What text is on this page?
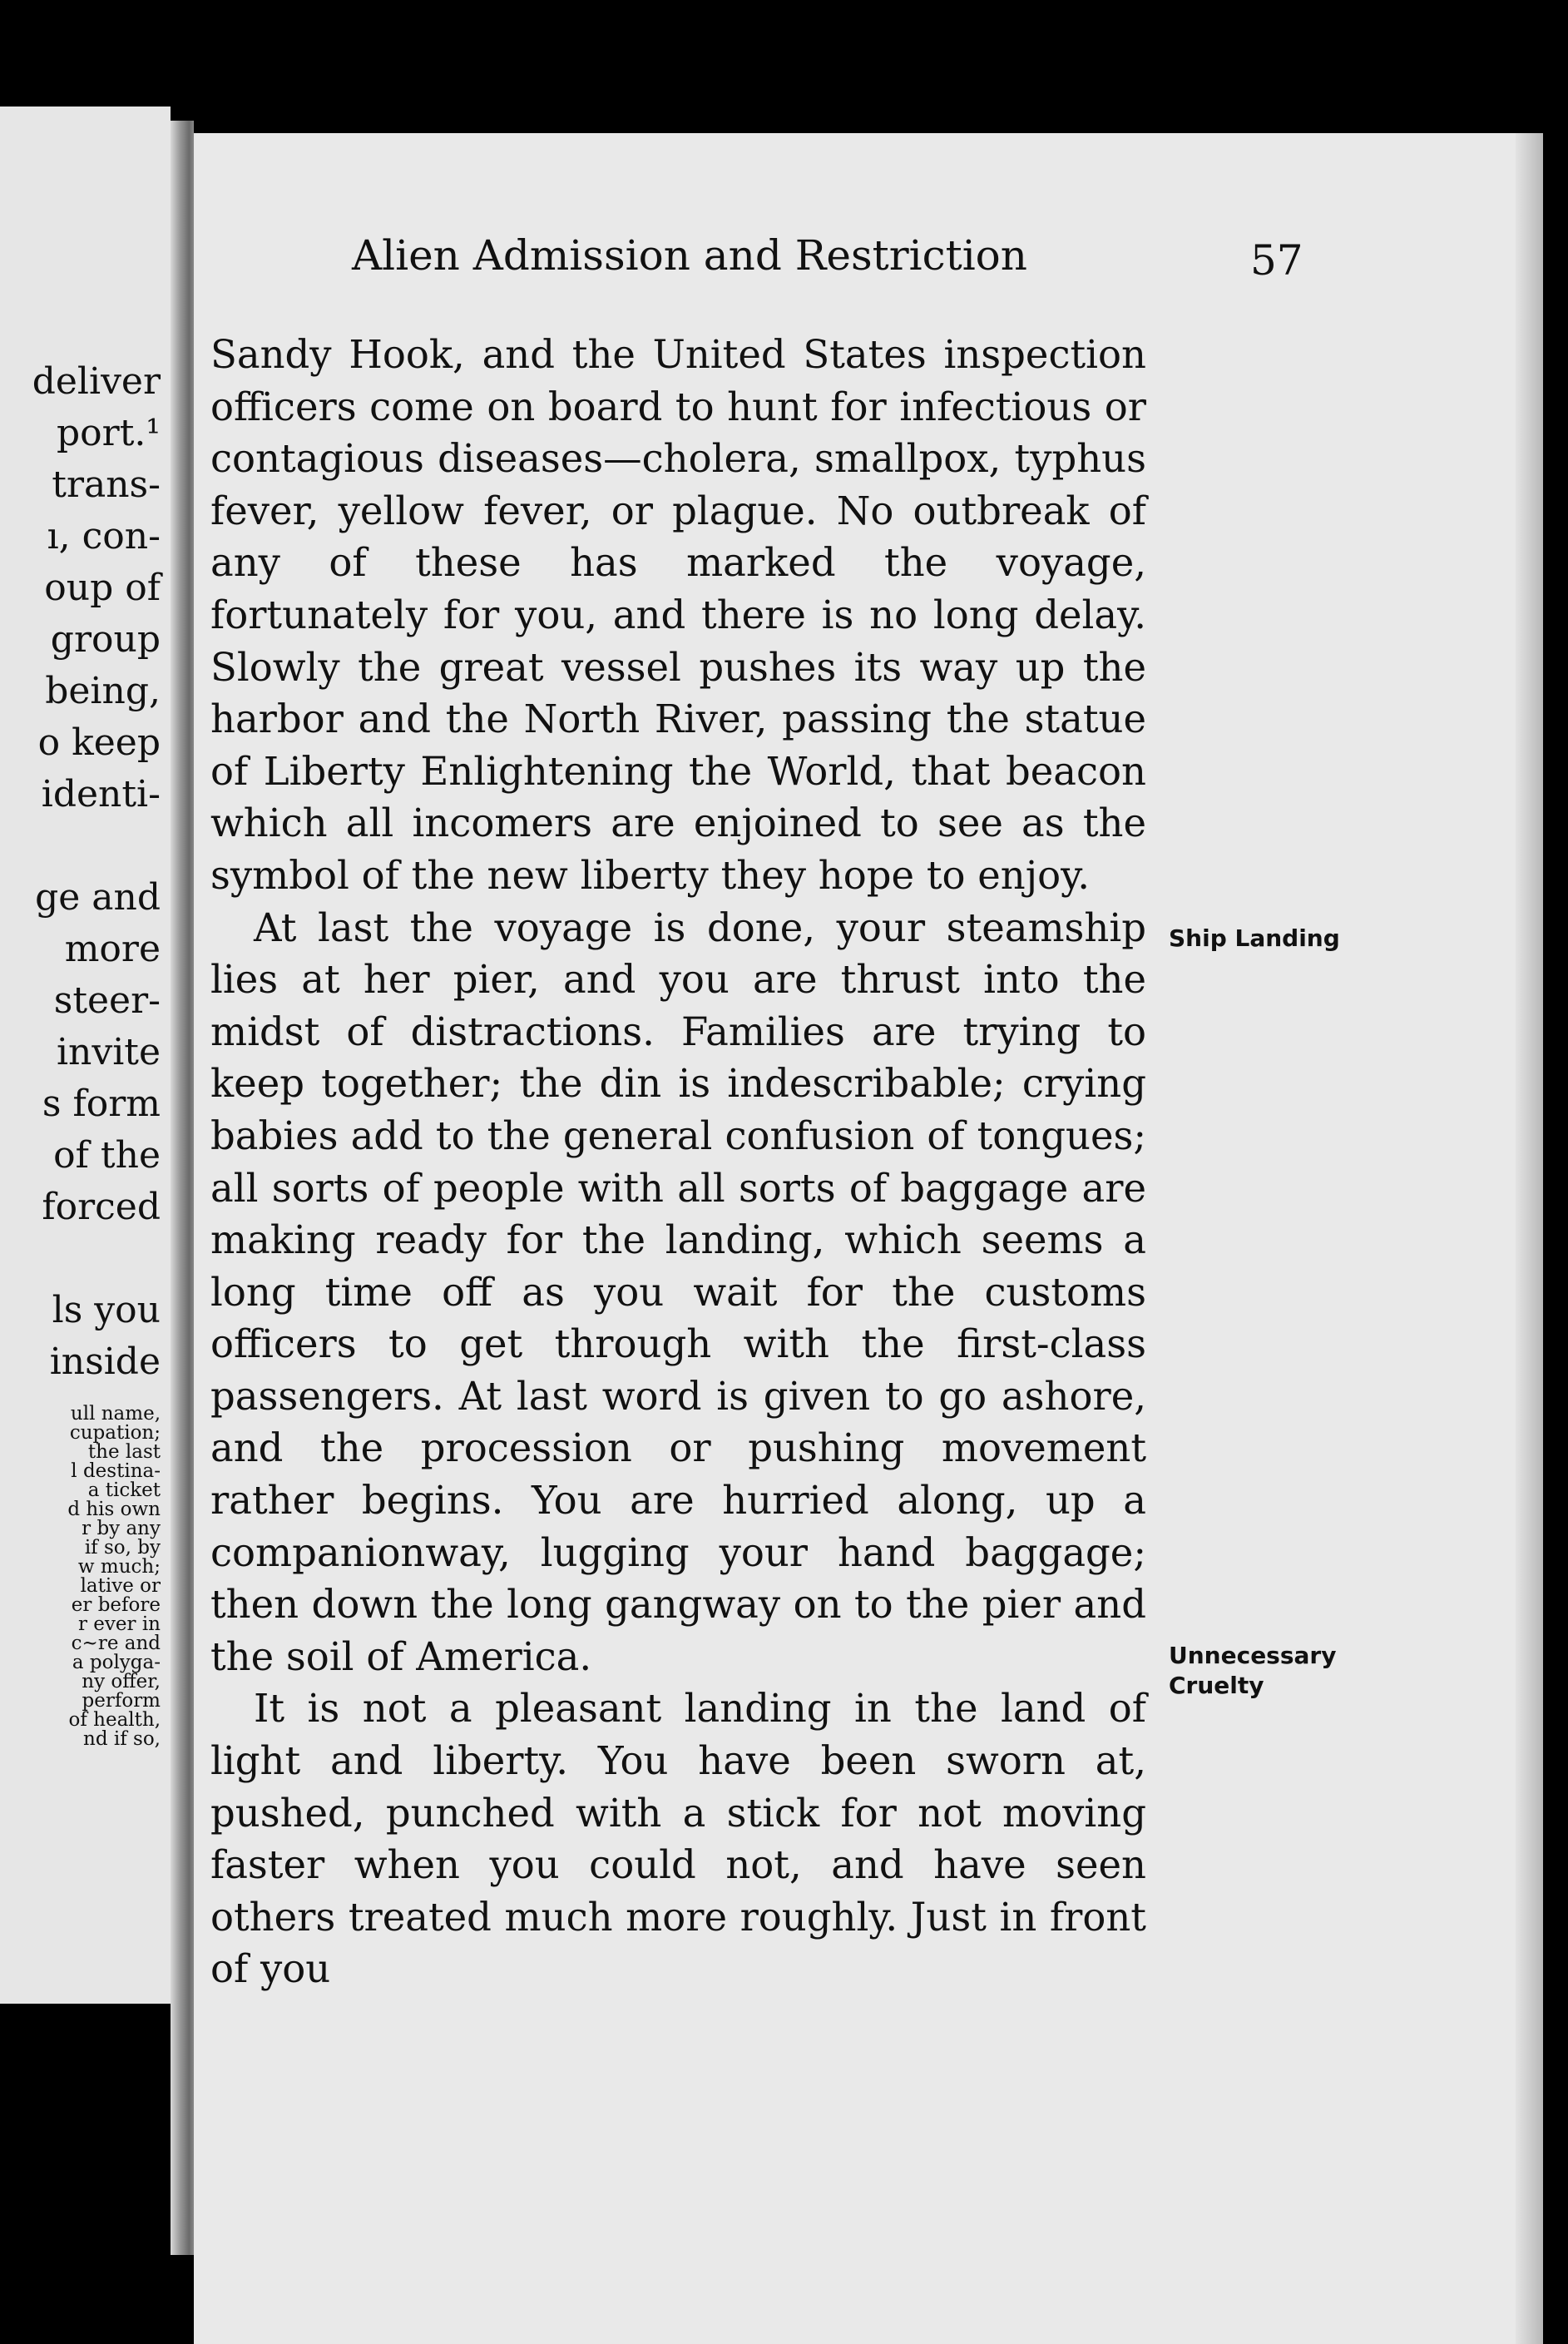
deliver
port.¹
trans-
ı, con-
oup of
group
being,
o keep
identi-
ge and
more
steer-
invite
s form
of the
forced
ls you
inside
ull name,
cupation;
the last
l destina-
a ticket
d his own
r by any
if so, by
w much;
lative or
er before
r ever in
c~re and
a polyga-
ny offer,
perform
of health,
nd if so,
Alien Admission and Restriction	57

Sandy Hook, and the United States inspection officers come on board to hunt for infectious or contagious diseases—cholera, smallpox, typhus fever, yellow fever, or plague. No outbreak of any of these has marked the voyage, fortunately for you, and there is no long delay. Slowly the great vessel pushes its way up the harbor and the North River, passing the statue of Liberty Enlightening the World, that beacon which all incomers are enjoined to see as the symbol of the new liberty they hope to enjoy.

At last the voyage is done, your steamship lies at her pier, and you are thrust into the midst of distractions. Families are trying to keep together; the din is indescribable; crying babies add to the general confusion of tongues; all sorts of people with all sorts of baggage are making ready for the landing, which seems a long time off as you wait for the customs officers to get through with the first-class passengers. At last word is given to go ashore, and the procession or pushing movement rather begins. You are hurried along, up a companionway, lugging your hand baggage; then down the long gangway on to the pier and the soil of America.

It is not a pleasant landing in the land of light and liberty. You have been sworn at, pushed, punched with a stick for not moving faster when you could not, and have seen others treated much more roughly. Just in front of you

Ship Landing
Unnecessary Cruelty
